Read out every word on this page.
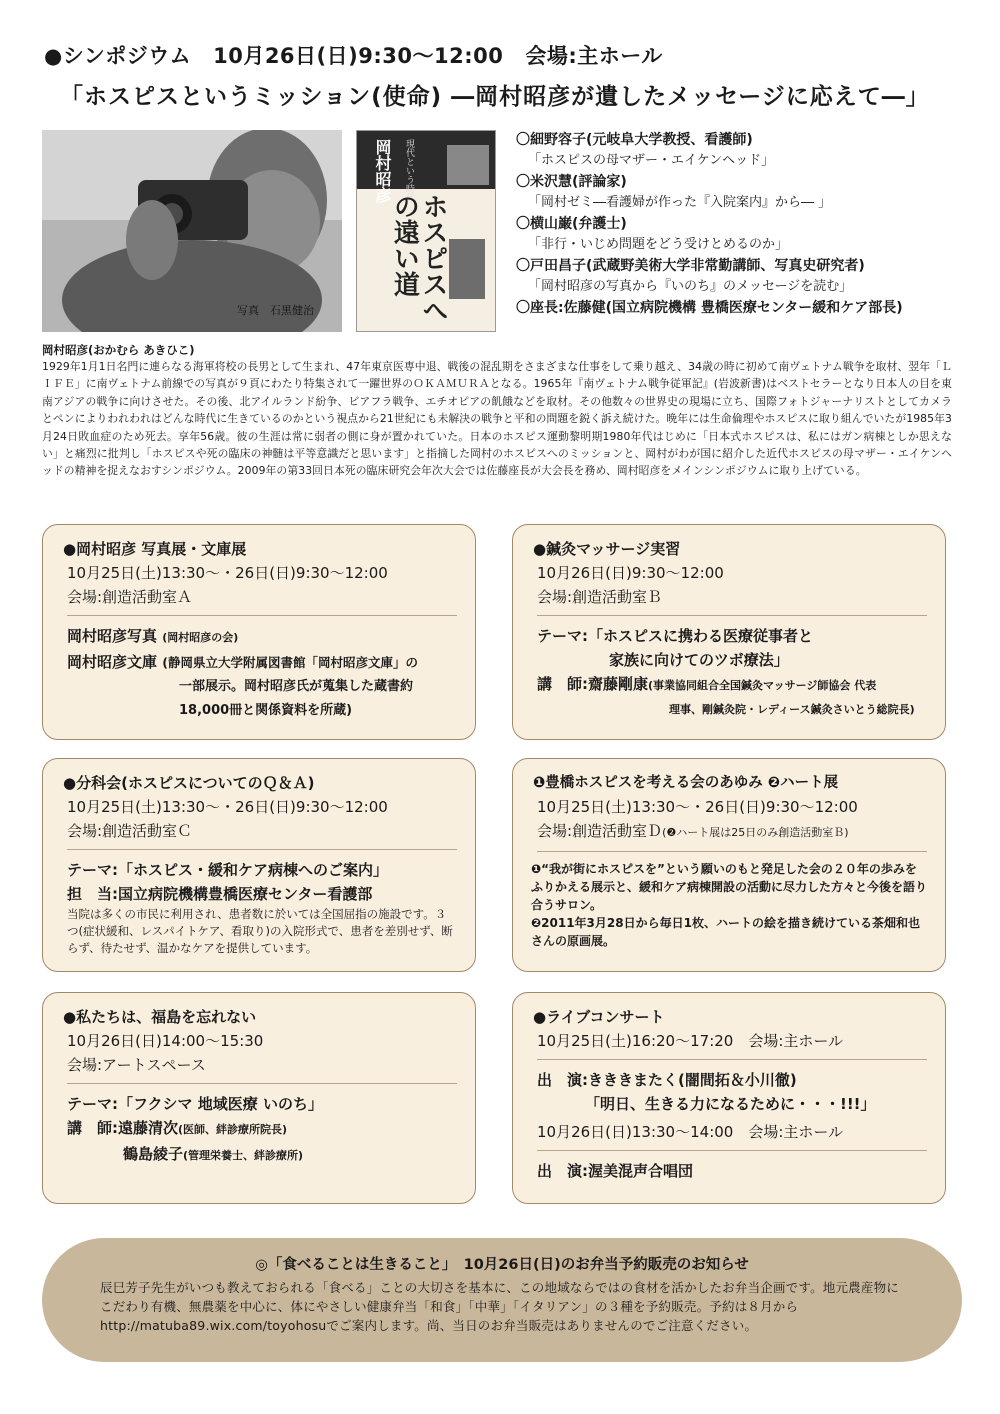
●シンポジウム 10月26日(日)9:30～12:00 会場:主ホール
「ホスピスというミッション(使命) ―岡村昭彦が遺したメッセージに応えて―」
写真　石黒健治
岡村昭彦 現代という時代
ホスピスへの遠い道
〇細野容子(元岐阜大学教授、看護師)
「ホスピスの母マザー・エイケンヘッド」
〇米沢慧(評論家)
「岡村ゼミ―看護婦が作った『入院案内』から― 」
〇横山巌(弁護士)
「非行・いじめ問題をどう受けとめるのか」
〇戸田昌子(武蔵野美術大学非常勤講師、写真史研究者)
「岡村昭彦の写真から『いのち』のメッセージを読む」
〇座長:佐藤健(国立病院機構 豊橋医療センター緩和ケア部長)
岡村昭彦(おかむら あきひこ)
1929年1月1日名門に連らなる海軍将校の長男として生まれ、47年東京医専中退、戦後の混乱期をさまざまな仕事をして乗り越え、34歳の時に初めて南ヴェトナム戦争を取材、翌年「ＬＩＦＥ」に南ヴェトナム前線での写真が９頁にわたり特集されて一躍世界のＯＫＡＭＵＲＡとなる。1965年『南ヴェトナム戦争従軍記』(岩波新書)はベストセラーとなり日本人の目を東南アジアの戦争に向けさせた。その後、北アイルランド紛争、ビアフラ戦争、エチオピアの飢餓などを取材。その他数々の世界史の現場に立ち、国際フォトジャーナリストとしてカメラとペンによりわれわれはどんな時代に生きているのかという視点から21世紀にも未解決の戦争と平和の問題を鋭く訴え続けた。晩年には生命倫理やホスピスに取り組んでいたが1985年3月24日敗血症のため死去。享年56歳。彼の生涯は常に弱者の側に身が置かれていた。日本のホスピス運動黎明期1980年代はじめに「日本式ホスピスは、私にはガン病棟としか思えない」と痛烈に批判し「ホスピスや死の臨床の神髄は平等意識だと思います」と指摘した岡村のホスピスへのミッションと、岡村がわが国に紹介した近代ホスピスの母マザー・エイケンヘッドの精神を捉えなおすシンポジウム。2009年の第33回日本死の臨床研究会年次大会では佐藤座長が大会長を務め、岡村昭彦をメインシンポジウムに取り上げている。
●岡村昭彦 写真展・文庫展
10月25日(土)13:30～・26日(日)9:30～12:00
会場:創造活動室Ａ
岡村昭彦写真 (岡村昭彦の会)
岡村昭彦文庫 (静岡県立大学附属図書館「岡村昭彦文庫」の
一部展示。岡村昭彦氏が蒐集した蔵書約
18,000冊と関係資料を所蔵)
●鍼灸マッサージ実習
10月26日(日)9:30～12:00
会場:創造活動室Ｂ
テーマ:「ホスピスに携わる医療従事者と
家族に向けてのツボ療法」
講　師:齋藤剛康(事業協同組合全国鍼灸マッサージ師協会 代表
理事、剛鍼灸院・レディース鍼灸さいとう総院長)
●分科会(ホスピスについてのＱ＆Ａ)
10月25日(土)13:30～・26日(日)9:30～12:00
会場:創造活動室Ｃ
テーマ:「ホスピス・緩和ケア病棟へのご案内」
担　当:国立病院機構豊橋医療センター看護部
当院は多くの市民に利用され、患者数に於いては全国屈指の施設です。３つ(症状緩和、レスパイトケア、看取り)の入院形式で、患者を差別せず、断らず、待たせず、温かなケアを提供しています。
❶豊橋ホスピスを考える会のあゆみ ❷ハート展
10月25日(土)13:30～・26日(日)9:30～12:00
会場:創造活動室Ｄ(❷ハート展は25日のみ創造活動室Ｂ)
❶“我が街にホスピスを”という願いのもと発足した会の２０年の歩みをふりかえる展示と、緩和ケア病棟開設の活動に尽力した方々と今後を語り合うサロン。
❷2011年3月28日から毎日1枚、ハートの絵を描き続けている茶畑和也さんの原画展。
●私たちは、福島を忘れない
10月26日(日)14:00～15:30
会場:アートスペース
テーマ:「フクシマ 地域医療 いのち」
講　師:遠藤清次(医師、絆診療所院長)
鶴島綾子(管理栄養士、絆診療所)
●ライブコンサート
10月25日(土)16:20～17:20　 会場:主ホール
出　演:きききまたく(闇間拓＆小川徹)
「明日、生きる力になるために・・・!!!」
10月26日(日)13:30～14:00　 会場:主ホール
出　演:渥美混声合唱団
◎「食べることは生きること」　10月26日(日)のお弁当予約販売のお知らせ
辰巳芳子先生がいつも教えておられる「食べる」ことの大切さを基本に、この地域ならではの食材を活かしたお弁当企画です。地元農産物にこだわり有機、無農薬を中心に、体にやさしい健康弁当「和食」「中華」「イタリアン」の３種を予約販売。予約は８月からhttp://matuba89.wix.com/toyohosuでご案内します。尚、当日のお弁当販売はありませんのでご注意ください。
